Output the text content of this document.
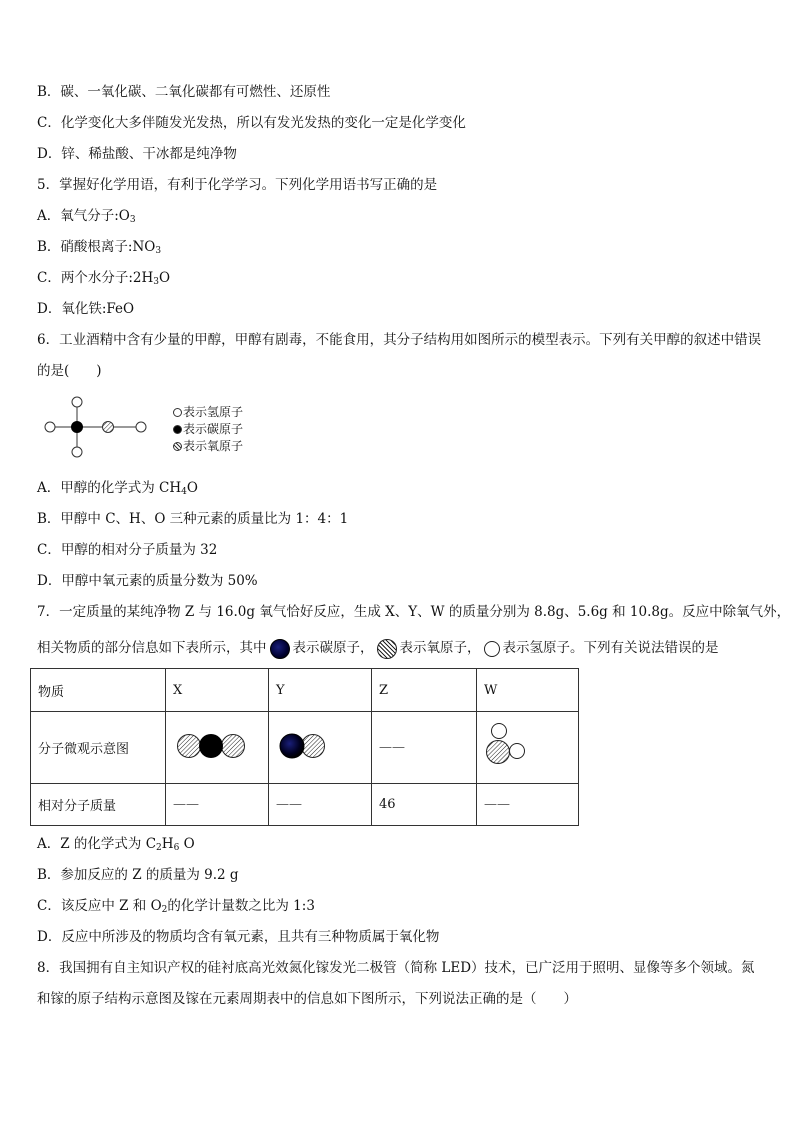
B．碳、一氧化碳、二氧化碳都有可燃性、还原性
C．化学变化大多伴随发光发热，所以有发光发热的变化一定是化学变化
D．锌、稀盐酸、干冰都是纯净物
5．掌握好化学用语，有利于化学学习。下列化学用语书写正确的是
A．氧气分子$:O_3$
B．硝酸根离子$:NO_3$
C．两个水分子$:2H_3O$
D．氧化铁:FeO
6．工业酒精中含有少量的甲醇，甲醇有剧毒，不能食用，其分子结构用如图所示的模型表示。下列有关甲醇的叙述中错误的是(　　)
表示氢原子
表示碳原子
表示氧原子
A．甲醇的化学式为 $CH_4O$
B．甲醇中 C、H、O 三种元素的质量比为 1：4：1
C．甲醇的相对分子质量为 32
D．甲醇中氧元素的质量分数为 50%
7．一定质量的某纯净物 Z 与 16.0g 氧气恰好反应，生成 X、Y、W 的质量分别为 8.8g、5.6g 和 10.8g。反应中除氧气外，
相关物质的部分信息如下表所示，其中 表示碳原子， 表示氧原子， 表示氢原子。下列有关说法错误的是
物质	X	Y	Z	W
分子微观示意图			——	
相对分子质量	——	——	46	——
A．Z 的化学式为 $C_2H_6$ O
B．参加反应的 Z 的质量为 9.2 g
C．该反应中 Z 和 $O_2$的化学计量数之比为 1:3
D．反应中所涉及的物质均含有氧元素，且共有三种物质属于氧化物
8．我国拥有自主知识产权的硅衬底高光效氮化镓发光二极管（简称 LED）技术，已广泛用于照明、显像等多个领域。氮和镓的原子结构示意图及镓在元素周期表中的信息如下图所示，下列说法正确的是（　　）
